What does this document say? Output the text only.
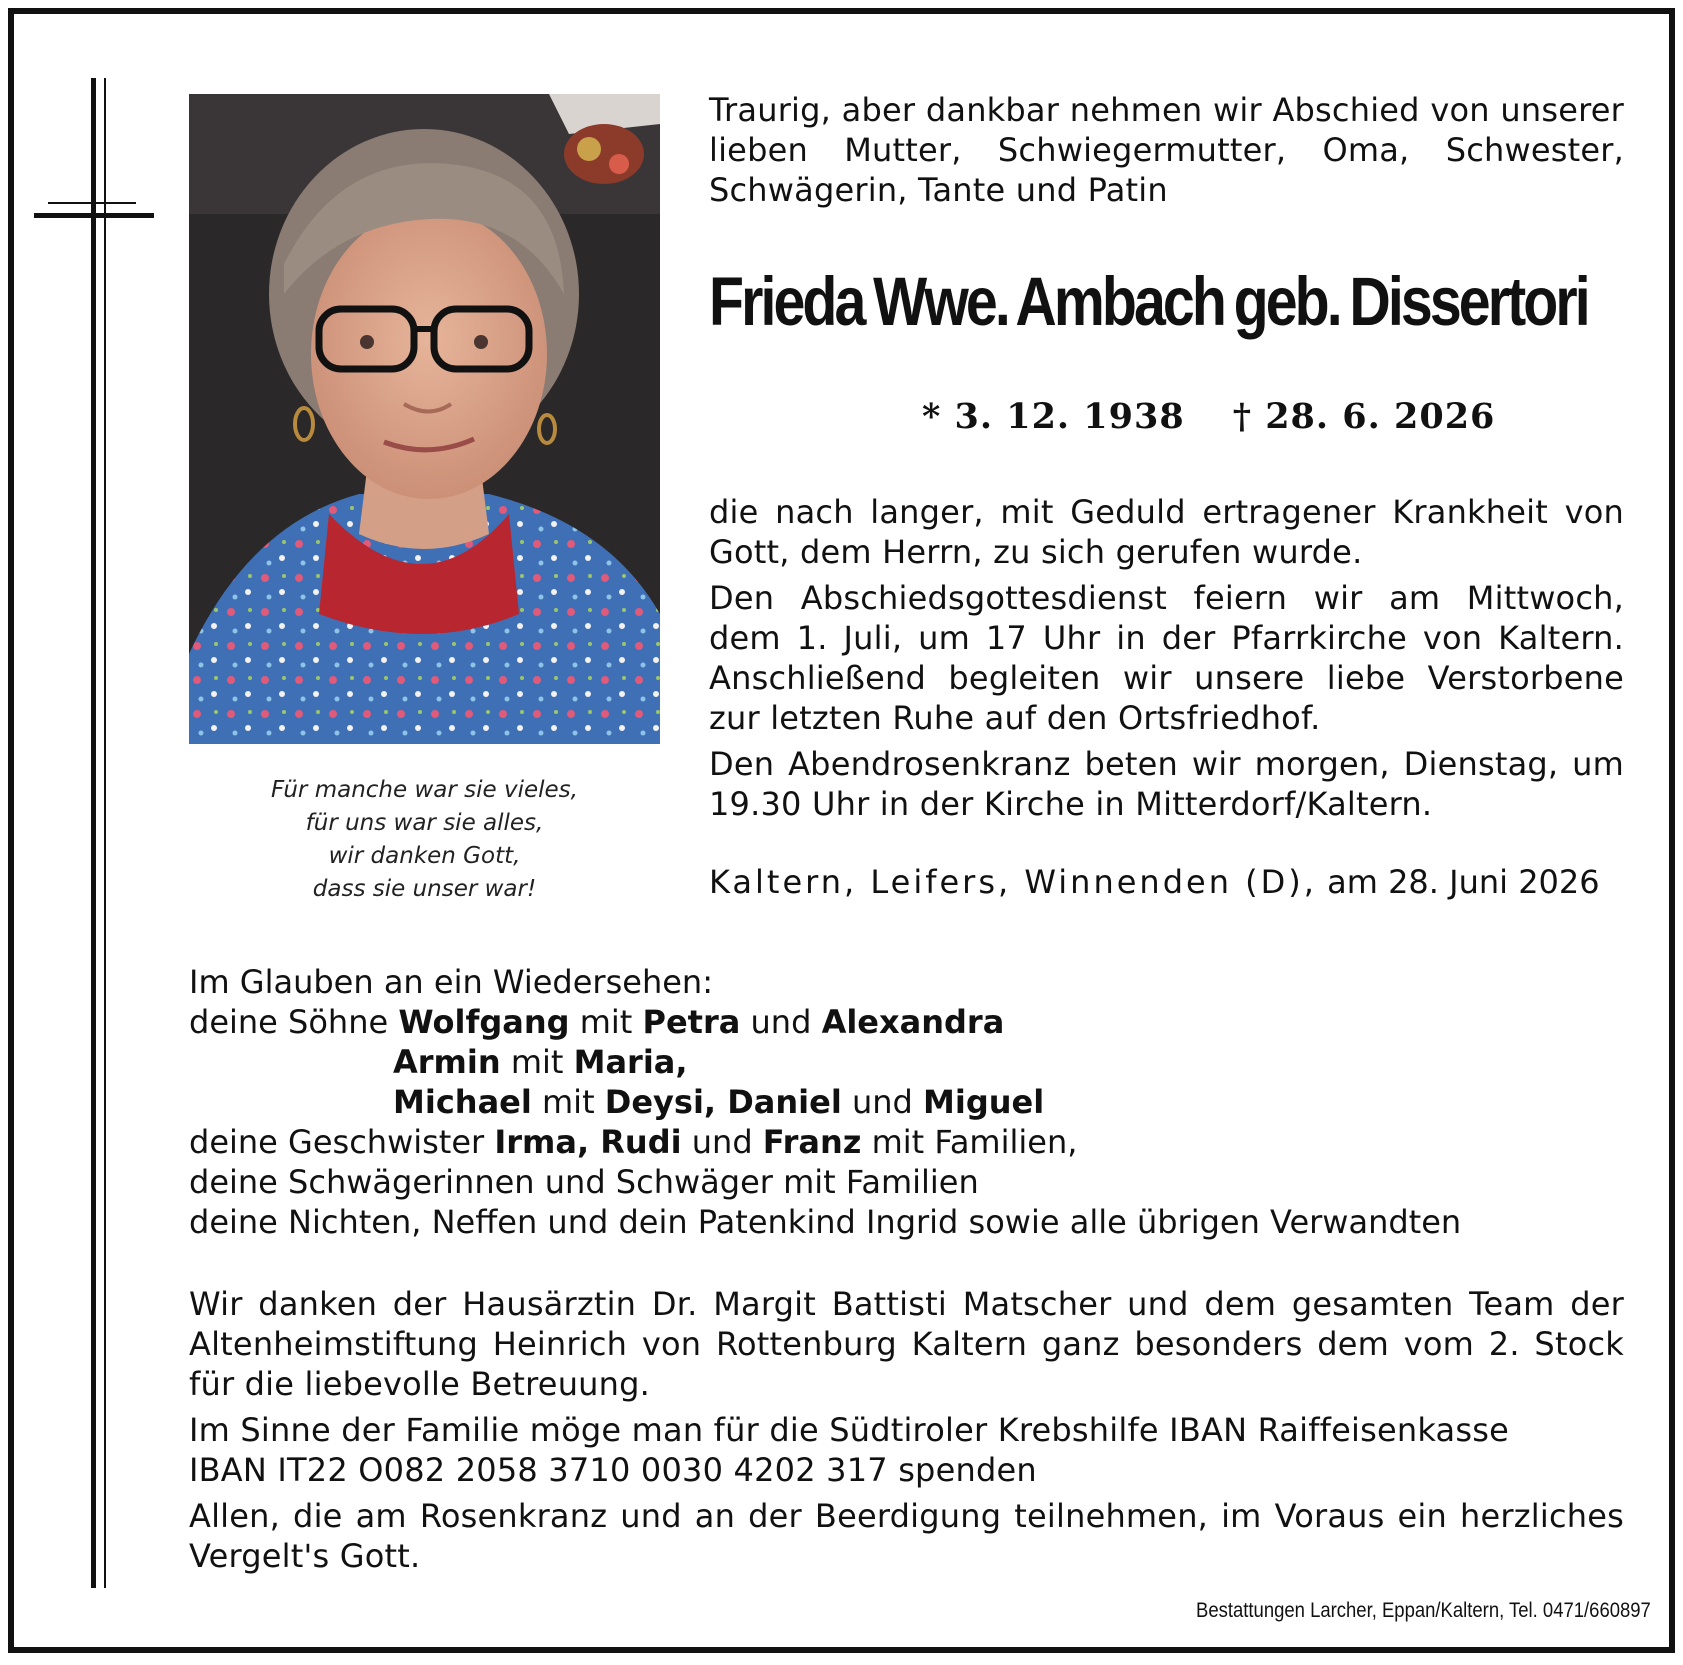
Für manche war sie vieles,
für uns war sie alles,
wir danken Gott,
dass sie unser war!

Traurig, aber dankbar nehmen wir Abschied von unserer lieben Mutter, Schwiegermutter, Oma, Schwester, Schwägerin, Tante und Patin

Frieda Wwe. Ambach geb. Dissertori

* 3. 12. 1938 † 28. 6. 2026

die nach langer, mit Geduld ertragener Krankheit von Gott, dem Herrn, zu sich gerufen wurde.

Den Abschiedsgottesdienst feiern wir am Mittwoch, dem 1. Juli, um 17 Uhr in der Pfarrkirche von Kaltern. Anschließend begleiten wir unsere liebe Verstorbene zur letzten Ruhe auf den Ortsfriedhof.

Den Abendrosenkranz beten wir morgen, Dienstag, um 19.30 Uhr in der Kirche in Mitterdorf/Kaltern.

Kaltern, Leifers, Winnenden (D), am 28. Juni 2026

Im Glauben an ein Wiedersehen:

deine Söhne Wolfgang mit Petra und Alexandra

Armin mit Maria,

Michael mit Deysi, Daniel und Miguel

deine Geschwister Irma, Rudi und Franz mit Familien,

deine Schwägerinnen und Schwäger mit Familien

deine Nichten, Neffen und dein Patenkind Ingrid sowie alle übrigen Verwandten

Wir danken der Hausärztin Dr. Margit Battisti Matscher und dem gesamten Team der Altenheimstiftung Heinrich von Rottenburg Kaltern ganz besonders dem vom 2. Stock für die liebevolle Betreuung.

Im Sinne der Familie möge man für die Südtiroler Krebshilfe IBAN Raiffeisenkasse
IBAN IT22 O082 2058 3710 0030 4202 317 spenden

Allen, die am Rosenkranz und an der Beerdigung teilnehmen, im Voraus ein herzliches Vergelt's Gott.

Bestattungen Larcher, Eppan/Kaltern, Tel. 0471/660897
